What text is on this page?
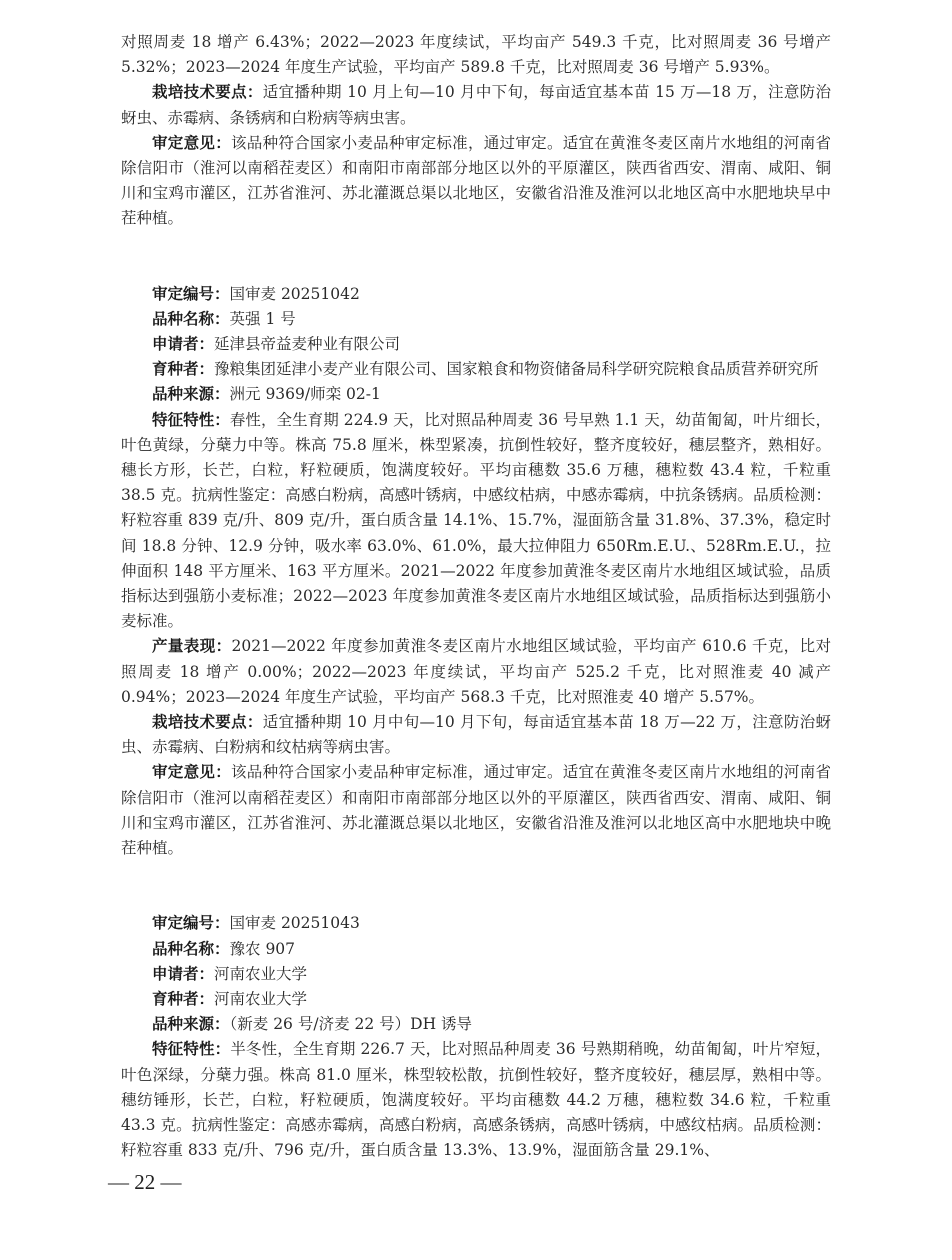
对照周麦 18 增产 6.43%；2022—2023 年度续试，平均亩产 549.3 千克，比对照周麦 36 号增产 5.32%；2023—2024 年度生产试验，平均亩产 589.8 千克，比对照周麦 36 号增产 5.93%。

栽培技术要点：适宜播种期 10 月上旬—10 月中下旬，每亩适宜基本苗 15 万—18 万，注意防治蚜虫、赤霉病、条锈病和白粉病等病虫害。

审定意见：该品种符合国家小麦品种审定标准，通过审定。适宜在黄淮冬麦区南片水地组的河南省除信阳市（淮河以南稻茬麦区）和南阳市南部部分地区以外的平原灌区，陕西省西安、渭南、咸阳、铜川和宝鸡市灌区，江苏省淮河、苏北灌溉总渠以北地区，安徽省沿淮及淮河以北地区高中水肥地块早中茬种植。

审定编号：国审麦 20251042

品种名称：英强 1 号

申请者：延津县帝益麦种业有限公司

育种者：豫粮集团延津小麦产业有限公司、国家粮食和物资储备局科学研究院粮食品质营养研究所

品种来源：洲元 9369/师栾 02-1

特征特性：春性，全生育期 224.9 天，比对照品种周麦 36 号早熟 1.1 天，幼苗匍匐，叶片细长，叶色黄绿，分蘖力中等。株高 75.8 厘米，株型紧凑，抗倒性较好，整齐度较好，穗层整齐，熟相好。穗长方形，长芒，白粒，籽粒硬质，饱满度较好。平均亩穗数 35.6 万穗，穗粒数 43.4 粒，千粒重 38.5 克。抗病性鉴定：高感白粉病，高感叶锈病，中感纹枯病，中感赤霉病，中抗条锈病。品质检测：籽粒容重 839 克/升、809 克/升，蛋白质含量 14.1%、15.7%，湿面筋含量 31.8%、37.3%，稳定时间 18.8 分钟、12.9 分钟，吸水率 63.0%、61.0%，最大拉伸阻力 650Rm.E.U.、528Rm.E.U.，拉伸面积 148 平方厘米、163 平方厘米。2021—2022 年度参加黄淮冬麦区南片水地组区域试验，品质指标达到强筋小麦标准；2022—2023 年度参加黄淮冬麦区南片水地组区域试验，品质指标达到强筋小麦标准。

产量表现：2021—2022 年度参加黄淮冬麦区南片水地组区域试验，平均亩产 610.6 千克，比对照周麦 18 增产 0.00%；2022—2023 年度续试，平均亩产 525.2 千克，比对照淮麦 40 减产 0.94%；2023—2024 年度生产试验，平均亩产 568.3 千克，比对照淮麦 40 增产 5.57%。

栽培技术要点：适宜播种期 10 月中旬—10 月下旬，每亩适宜基本苗 18 万—22 万，注意防治蚜虫、赤霉病、白粉病和纹枯病等病虫害。

审定意见：该品种符合国家小麦品种审定标准，通过审定。适宜在黄淮冬麦区南片水地组的河南省除信阳市（淮河以南稻茬麦区）和南阳市南部部分地区以外的平原灌区，陕西省西安、渭南、咸阳、铜川和宝鸡市灌区，江苏省淮河、苏北灌溉总渠以北地区，安徽省沿淮及淮河以北地区高中水肥地块中晚茬种植。

审定编号：国审麦 20251043

品种名称：豫农 907

申请者：河南农业大学

育种者：河南农业大学

品种来源：（新麦 26 号/济麦 22 号）DH 诱导

特征特性：半冬性，全生育期 226.7 天，比对照品种周麦 36 号熟期稍晚，幼苗匍匐，叶片窄短，叶色深绿，分蘖力强。株高 81.0 厘米，株型较松散，抗倒性较好，整齐度较好，穗层厚，熟相中等。穗纺锤形，长芒，白粒，籽粒硬质，饱满度较好。平均亩穗数 44.2 万穗，穗粒数 34.6 粒，千粒重 43.3 克。抗病性鉴定：高感赤霉病，高感白粉病，高感条锈病，高感叶锈病，中感纹枯病。品质检测：籽粒容重 833 克/升、796 克/升，蛋白质含量 13.3%、13.9%，湿面筋含量 29.1%、

— 22 —
